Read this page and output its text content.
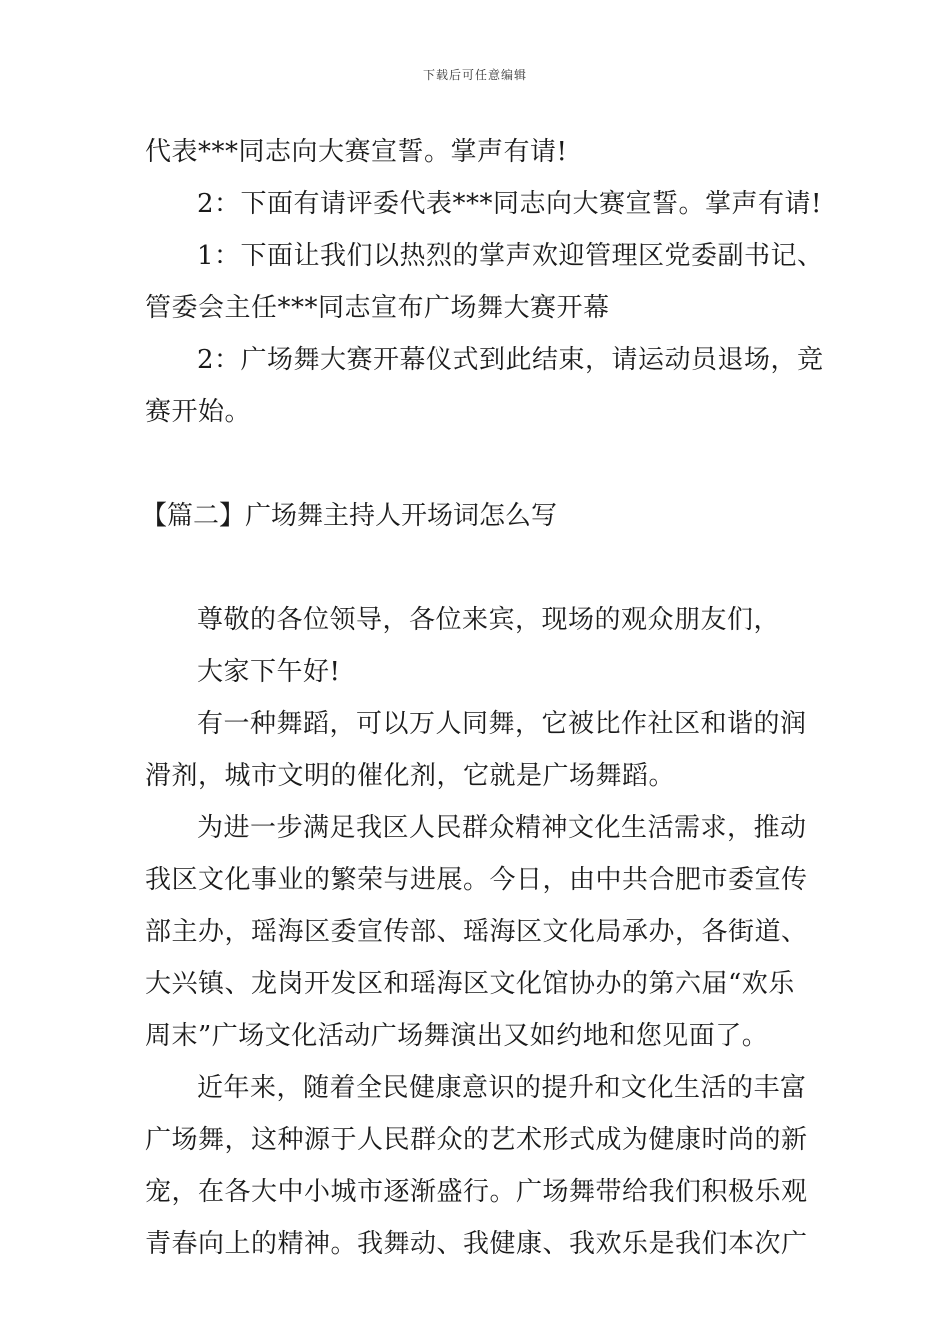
下载后可任意编辑
代表***同志向大赛宣誓。掌声有请!
2：下面有请评委代表***同志向大赛宣誓。掌声有请!
1：下面让我们以热烈的掌声欢迎管理区党委副书记、
管委会主任***同志宣布广场舞大赛开幕
2：广场舞大赛开幕仪式到此结束，请运动员退场，竞
赛开始。
【篇二】广场舞主持人开场词怎么写
尊敬的各位领导，各位来宾，现场的观众朋友们，
大家下午好!
有一种舞蹈，可以万人同舞，它被比作社区和谐的润
滑剂，城市文明的催化剂，它就是广场舞蹈。
为进一步满足我区人民群众精神文化生活需求，推动
我区文化事业的繁荣与进展。今日，由中共合肥市委宣传
部主办，瑶海区委宣传部、瑶海区文化局承办，各街道、
大兴镇、龙岗开发区和瑶海区文化馆协办的第六届“欢乐
周末”广场文化活动广场舞演出又如约地和您见面了。
近年来，随着全民健康意识的提升和文化生活的丰富
广场舞，这种源于人民群众的艺术形式成为健康时尚的新
宠，在各大中小城市逐渐盛行。广场舞带给我们积极乐观
青春向上的精神。我舞动、我健康、我欢乐是我们本次广
